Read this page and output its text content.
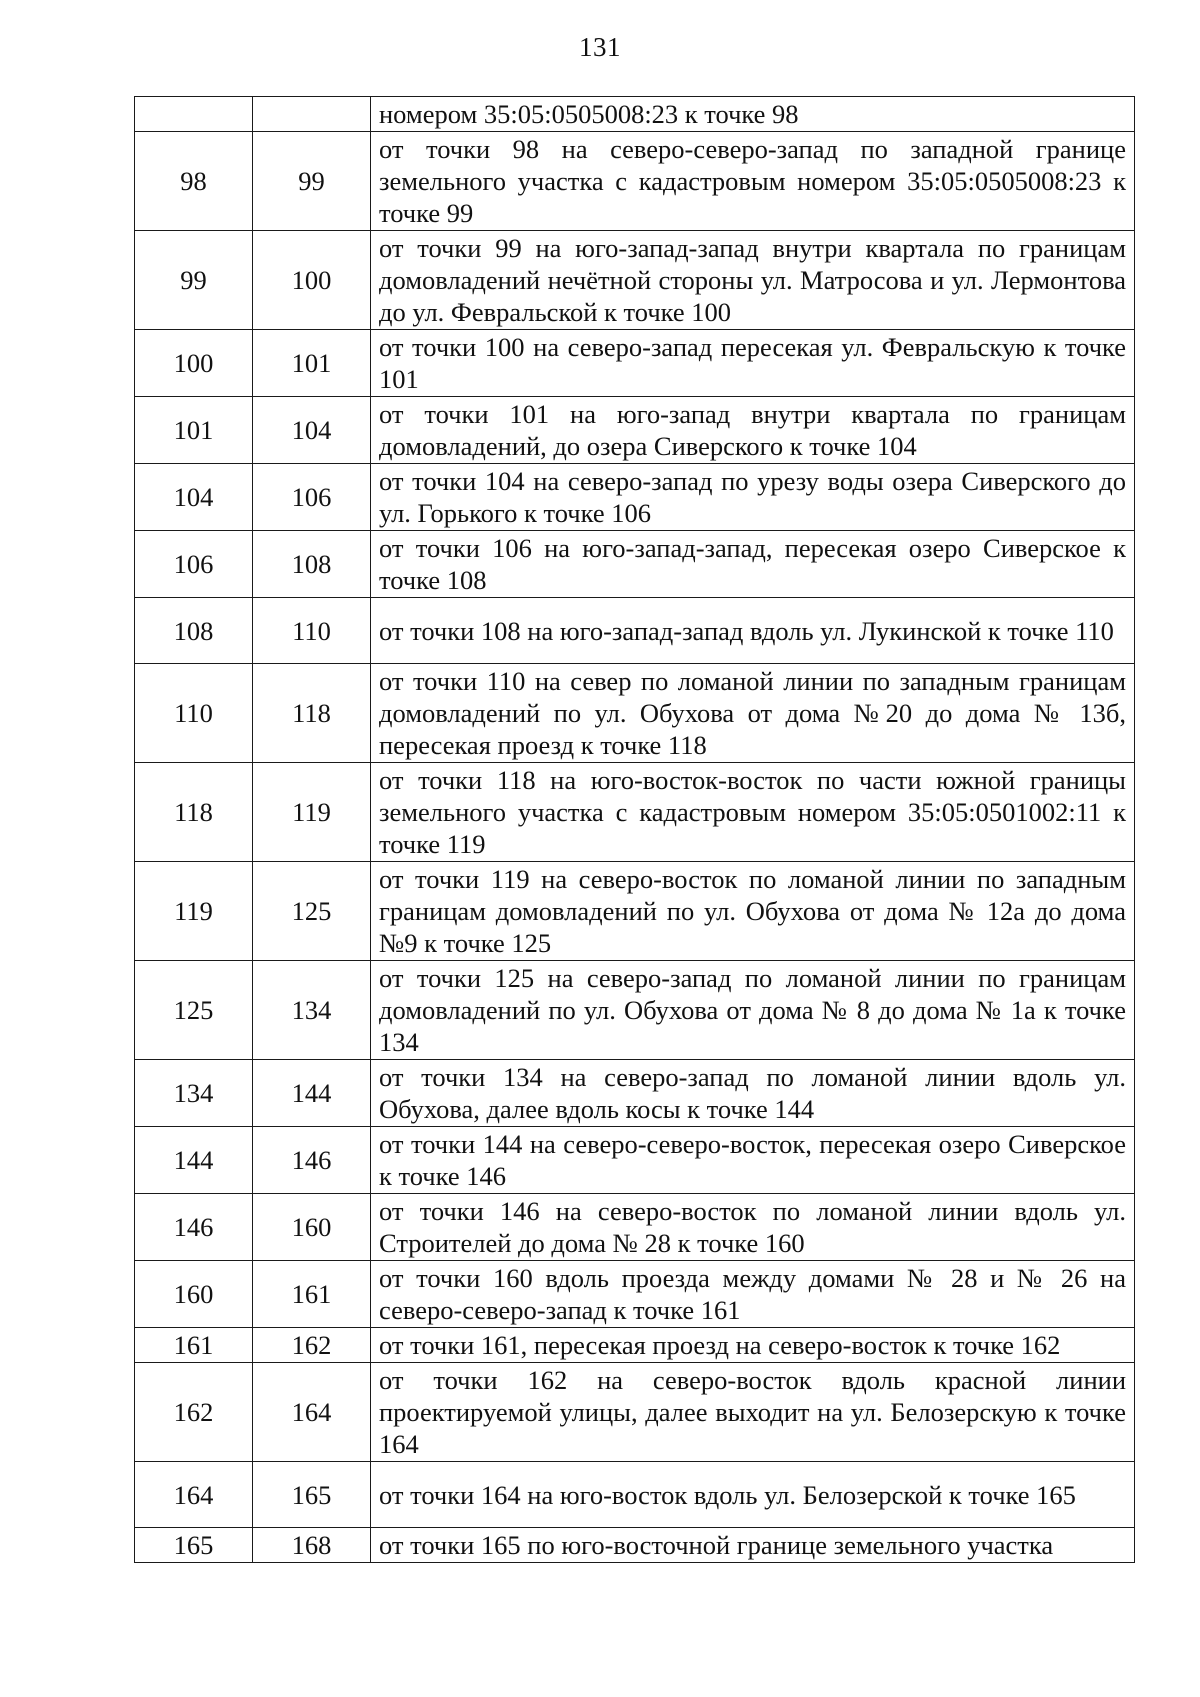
131
		номером 35:05:0505008:23 к точке 98
98	99	от точки 98 на северо-северо-запад по западной границе земельного участка с кадастровым номером 35:05:0505008:23 к точке 99
99	100	от точки 99 на юго-запад-запад внутри квартала по границам домовладений нечётной стороны ул. Матросова и ул. Лермонтова до ул. Февральской к точке 100
100	101	от точки 100 на северо-запад пересекая ул. Февральскую к точке 101
101	104	от точки 101 на юго-запад внутри квартала по границам домовладений, до озера Сиверского к точке 104
104	106	от точки 104 на северо-запад по урезу воды озера Сиверского до ул. Горького к точке 106
106	108	от точки 106 на юго-запад-запад, пересекая озеро Сиверское к точке 108
108	110	от точки 108 на юго-запад-запад вдоль ул. Лукинской к точке 110
110	118	от точки 110 на север по ломаной линии по западным границам домовладений по ул. Обухова от дома №20 до дома № 13б, пересекая проезд к точке 118
118	119	от точки 118 на юго-восток-восток по части южной границы земельного участка с кадастровым номером 35:05:0501002:11 к точке 119
119	125	от точки 119 на северо-восток по ломаной линии по западным границам домовладений по ул. Обухова от дома № 12а до дома №9 к точке 125
125	134	от точки 125 на северо-запад по ломаной линии по границам домовладений по ул. Обухова от дома № 8 до дома № 1а к точке 134
134	144	от точки 134 на северо-запад по ломаной линии вдоль ул. Обухова, далее вдоль косы к точке 144
144	146	от точки 144 на северо-северо-восток, пересекая озеро Сиверское к точке 146
146	160	от точки 146 на северо-восток по ломаной линии вдоль ул. Строителей до дома № 28 к точке 160
160	161	от точки 160 вдоль проезда между домами № 28 и № 26 на северо-северо-запад к точке 161
161	162	от точки 161, пересекая проезд на северо-восток к точке 162
162	164	от точки 162 на северо-восток вдоль красной линии проектируемой улицы, далее выходит на ул. Белозерскую к точке 164
164	165	от точки 164 на юго-восток вдоль ул. Белозерской к точке 165
165	168	от точки 165 по юго-восточной границе земельного участка
